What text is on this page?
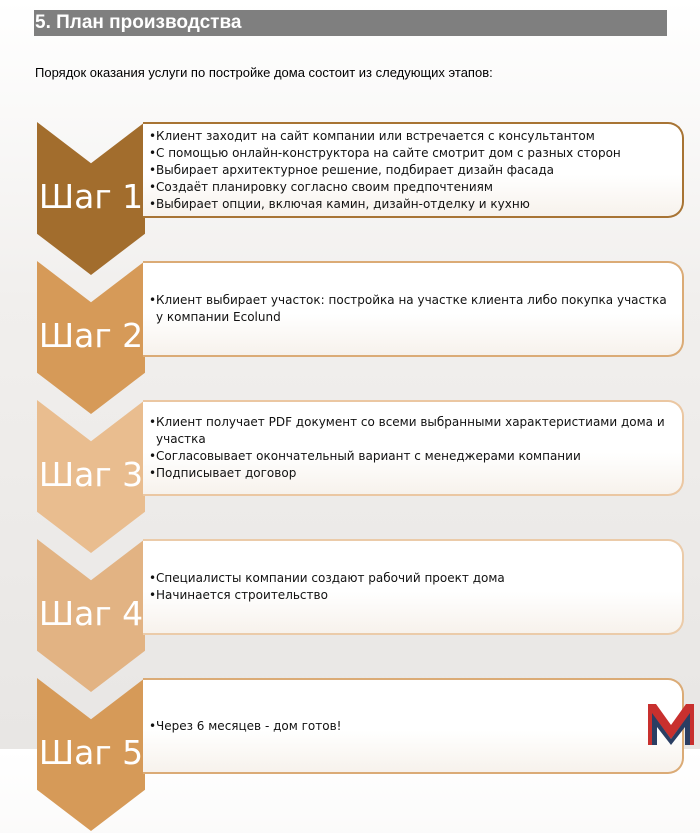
5. План производства
Порядок оказания услуги по постройке дома состоит из следующих этапов:
Шаг 1
• Клиент заходит на сайт компании или встречается с консультантом
• С помощью онлайн-конструктора на сайте смотрит дом с разных сторон
• Выбирает архитектурное решение, подбирает дизайн фасада
• Создаёт планировку согласно своим предпочтениям
• Выбирает опции, включая камин, дизайн-отделку и кухню
Шаг 2
• Клиент выбирает участок: постройка на участке клиента либо покупка участка у компании Ecolund
Шаг 3
• Клиент получает PDF документ со всеми выбранными характеристиами дома и участка
• Согласовывает окончательный вариант с менеджерами компании
• Подписывает договор
Шаг 4
• Специалисты компании создают рабочий проект дома
• Начинается строительство
Шаг 5
• Через 6 месяцев - дом готов!
